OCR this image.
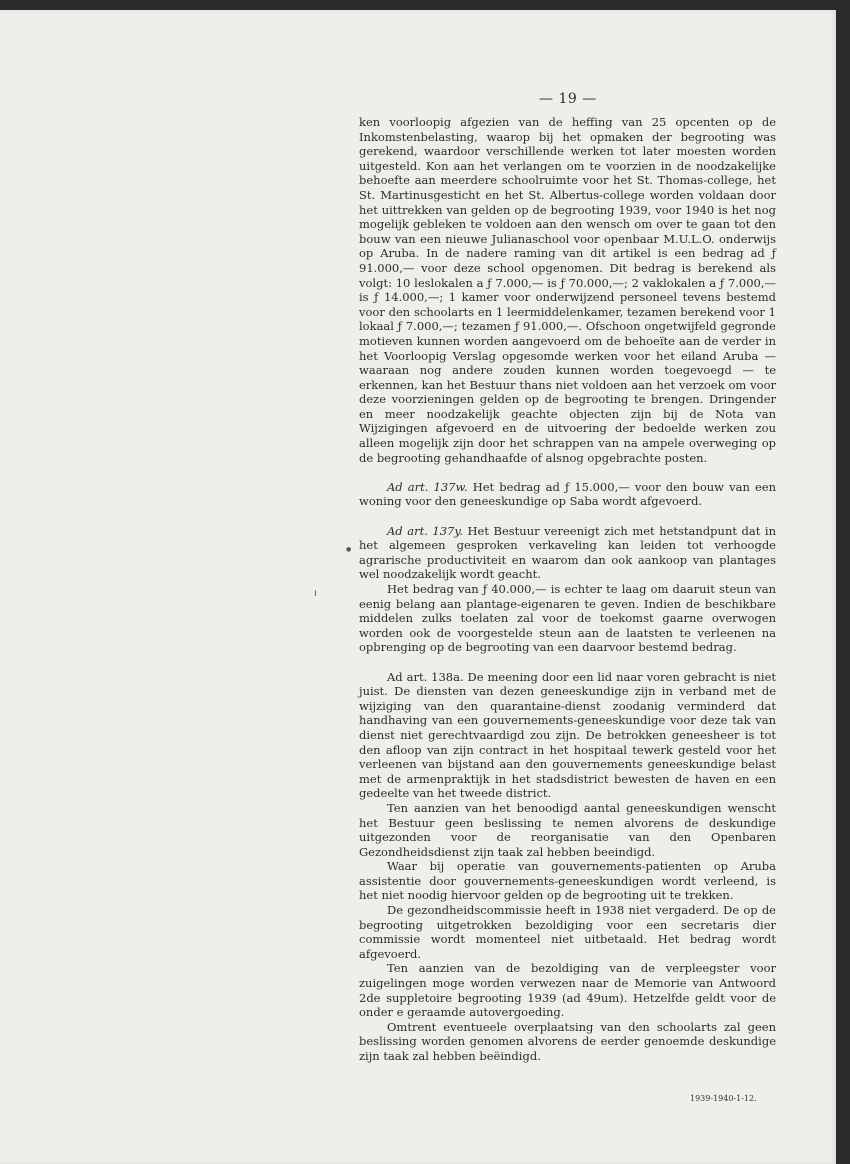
— 19 —

ken voorloopig afgezien van de heffing van 25 opcenten op de Inkomstenbelasting, waarop bij het opmaken der begrooting was gerekend, waardoor verschillende werken tot later moesten worden uitgesteld. Kon aan het verlangen om te voorzien in de noodzakelijke behoefte aan meerdere schoolruimte voor het St. Thomas-college, het St. Martinusgesticht en het St. Albertus-college worden voldaan door het uittrekken van gelden op de begrooting 1939, voor 1940 is het nog mogelijk gebleken te voldoen aan den wensch om over te gaan tot den bouw van een nieuwe Julianaschool voor openbaar M.U.L.O. onderwijs op Aruba. In de nadere raming van dit artikel is een bedrag ad ƒ 91.000,— voor deze school opgenomen. Dit bedrag is berekend als volgt: 10 leslokalen a ƒ 7.000,— is ƒ 70.000,—; 2 vaklokalen a ƒ 7.000,— is ƒ 14.000,—; 1 kamer voor onderwijzend personeel tevens bestemd voor den schoolarts en 1 leermiddelenkamer, tezamen berekend voor 1 lokaal ƒ 7.000,—; tezamen ƒ 91.000,—. Ofschoon ongetwijfeld gegronde motieven kunnen worden aangevoerd om de behoeïte aan de verder in het Voorloopig Verslag opgesomde werken voor het eiland Aruba — waaraan nog andere zouden kunnen worden toegevoegd — te erkennen, kan het Bestuur thans niet voldoen aan het verzoek om voor deze voorzieningen gelden op de begrooting te brengen. Dringender en meer noodzakelijk geachte objecten zijn bij de Nota van Wijzigingen afgevoerd en de uitvoering der bedoelde werken zou alleen mogelijk zijn door het schrappen van na ampele overweging op de begrooting gehandhaafde of alsnog opgebrachte posten.

Ad art. 137w. Het bedrag ad ƒ 15.000,— voor den bouw van een woning voor den geneeskundige op Saba wordt afgevoerd.

Ad art. 137y. Het Bestuur vereenigt zich met hetstandpunt dat in het algemeen gesproken verkaveling kan leiden tot verhoogde agrarische productiviteit en waarom dan ook aankoop van plantages wel noodzakelijk wordt geacht.

Het bedrag van ƒ 40.000,— is echter te laag om daaruit steun van eenig belang aan plantage-eigenaren te geven. Indien de beschikbare middelen zulks toelaten zal voor de toekomst gaarne overwogen worden ook de voorgestelde steun aan de laatsten te verleenen na opbrenging op de begrooting van een daarvoor bestemd bedrag.

Ad art. 138a. De meening door een lid naar voren gebracht is niet juist. De diensten van dezen geneeskundige zijn in verband met de wijziging van den quarantaine-dienst zoodanig verminderd dat handhaving van een gouvernements-geneeskundige voor deze tak van dienst niet gerechtvaardigd zou zijn. De betrokken geneesheer is tot den afloop van zijn contract in het hospitaal tewerk gesteld voor het verleenen van bijstand aan den gouvernements geneeskundige belast met de armenpraktijk in het stadsdistrict bewesten de haven en een gedeelte van het tweede district.

Ten aanzien van het benoodigd aantal geneeskundigen wenscht het Bestuur geen beslissing te nemen alvorens de deskundige uitgezonden voor de reorganisatie van den Openbaren Gezondheidsdienst zijn taak zal hebben beeindigd.

Waar bij operatie van gouvernements-patienten op Aruba assistentie door gouvernements-geneeskundigen wordt verleend, is het niet noodig hiervoor gelden op de begrooting uit te trekken.

De gezondheidscommissie heeft in 1938 niet vergaderd. De op de begrooting uitgetrokken bezoldiging voor een secretaris dier commissie wordt momenteel niet uitbetaald. Het bedrag wordt afgevoerd.

Ten aanzien van de bezoldiging van de verpleegster voor zuigelingen moge worden verwezen naar de Memorie van Antwoord 2de suppletoire begrooting 1939 (ad 49um). Hetzelfde geldt voor de onder e geraamde autovergoeding.

Omtrent eventueele overplaatsing van den schoolarts zal geen beslissing worden genomen alvorens de eerder genoemde deskundige zijn taak zal hebben beëindigd.

●
ı
1939-1940-1-12.
